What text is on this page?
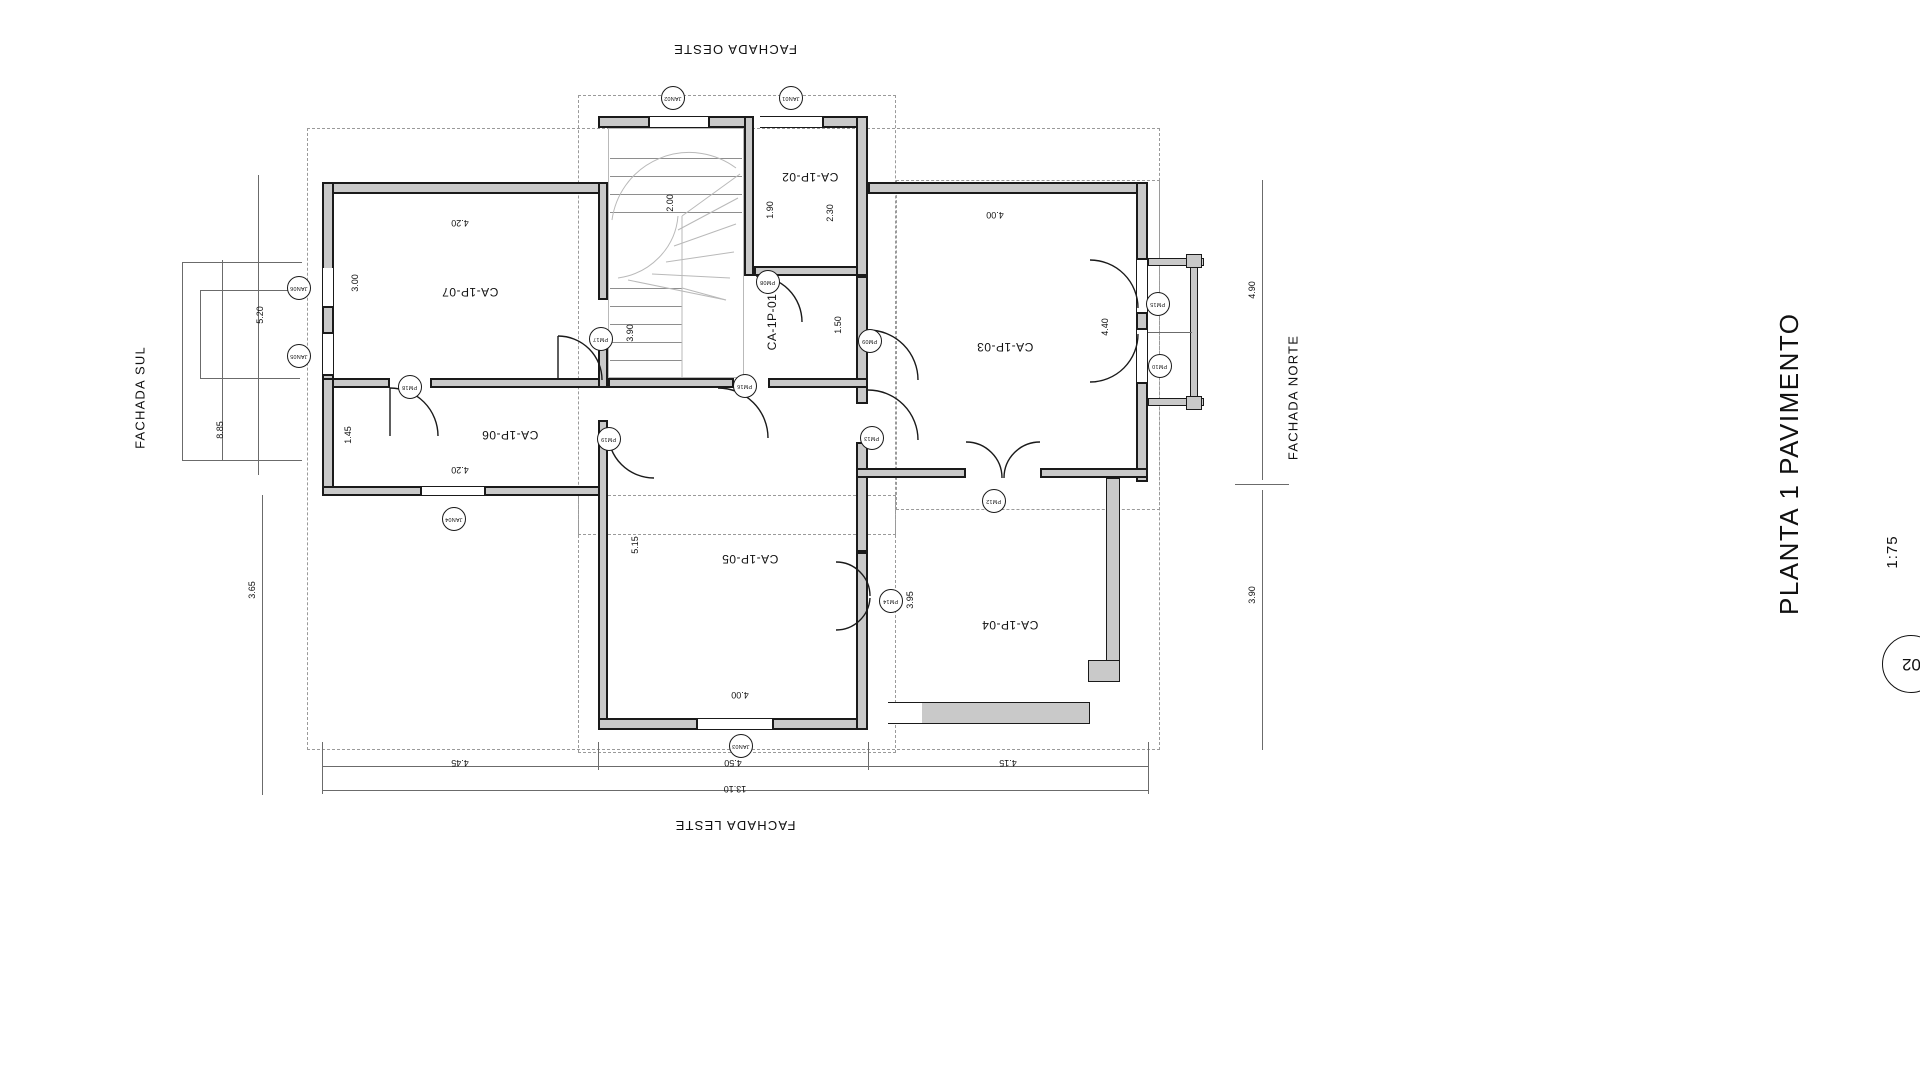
FACHADA OESTE
FACHADA LESTE
FACHADA SUL	FACHADA NORTE
CA-1P-07
CA-1P-06
CA-1P-05
CA-1P-04
CA-1P-03
CA-1P-02
CA-1P-01
4.20
3.00
1.45
4.20
2.00
3.90
1.90	2.30
1.50
4.00
4.40
5.15
4.00
3.95
5.20
8.85
3.65
4.90
3.90
4.45	4.50	4.15
13.10
JAN02	JAN01
JAN06
JAN05
JAN04
JAN03
PM17
PM18
PM19
PM16
PM13
PM12
PM14
PM15
PM10
PM08
PM09
02
PLANTA 1 PAVIMENTO	1:75
